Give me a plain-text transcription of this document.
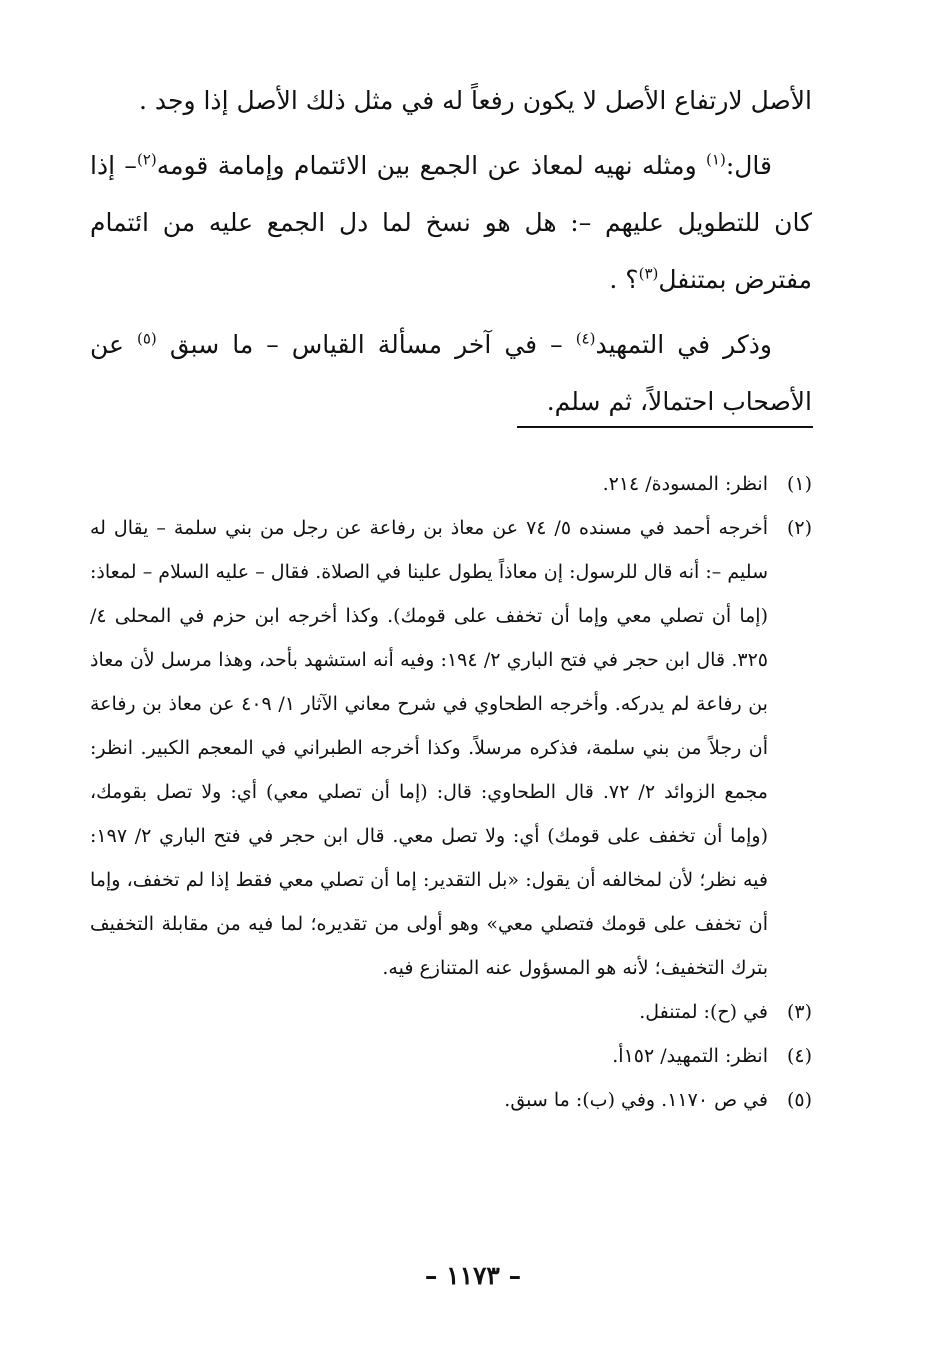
الأصل لارتفاع الأصل لا يكون رفعاً له في مثل ذلك الأصل إذا وجد .

قال:$^{(١)}$ ومثله نهيه لمعاذ عن الجمع بين الائتمام وإمامة قومه$^{(٢)}$– إذا كان للتطويل عليهم –: هل هو نسخ لما دل الجمع عليه من ائتمام مفترض بمتنفل$^{(٣)}$؟ .

وذكر في التمهيد$^{(٤)}$ – في آخر مسألة القياس – ما سبق $^{(٥)}$ عن الأصحاب احتمالاً، ثم سلم.

(١)
انظر: المسودة/ ٢١٤.
(٢)
أخرجه أحمد في مسنده ٥/ ٧٤ عن معاذ بن رفاعة عن رجل من بني سلمة – يقال له سليم –: أنه قال للرسول: إن معاذاً يطول علينا في الصلاة. فقال – عليه السلام – لمعاذ: (إما أن تصلي معي وإما أن تخفف على قومك). وكذا أخرجه ابن حزم في المحلى ٤/ ٣٢٥. قال ابن حجر في فتح الباري ٢/ ١٩٤: وفيه أنه استشهد بأحد، وهذا مرسل لأن معاذ بن رفاعة لم يدركه. وأخرجه الطحاوي في شرح معاني الآثار ١/ ٤٠٩ عن معاذ بن رفاعة أن رجلاً من بني سلمة، فذكره مرسلاً. وكذا أخرجه الطبراني في المعجم الكبير. انظر: مجمع الزوائد ٢/ ٧٢. قال الطحاوي: قال: (إما أن تصلي معي) أي: ولا تصل بقومك، (وإما أن تخفف على قومك) أي: ولا تصل معي. قال ابن حجر في فتح الباري ٢/ ١٩٧: فيه نظر؛ لأن لمخالفه أن يقول: «بل التقدير: إما أن تصلي معي فقط إذا لم تخفف، وإما أن تخفف على قومك فتصلي معي» وهو أولى من تقديره؛ لما فيه من مقابلة التخفيف بترك التخفيف؛ لأنه هو المسؤول عنه المتنازع فيه.
(٣)
في (ح): لمتنفل.
(٤)
انظر: التمهيد/ ١٥٢أ.
(٥)
في ص ١١٧٠. وفي (ب): ما سبق.
– ١١٧٣ –
